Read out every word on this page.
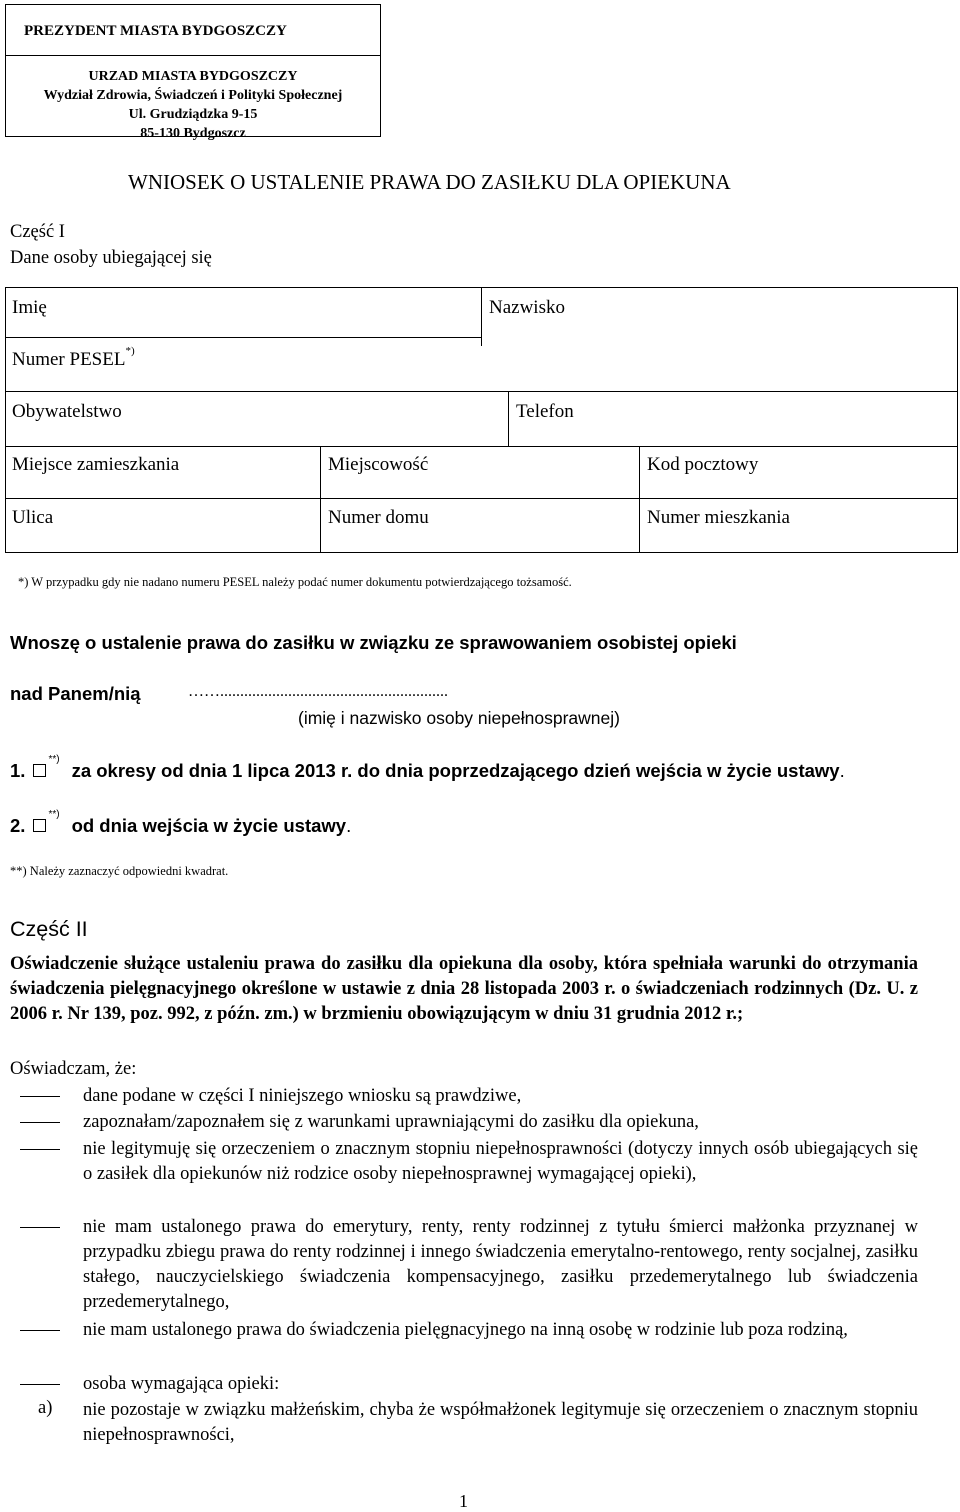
PREZYDENT MIASTA BYDGOSZCZY
URZAD MIASTA BYDGOSZCZY
Wydział Zdrowia, Świadczeń i Polityki Społecznej
Ul. Grudziądzka 9-15
85-130 Bydgoszcz
WNIOSEK O USTALENIE PRAWA DO ZASIŁKU DLA OPIEKUNA
Część I
Dane osoby ubiegającej się
Imię	Nazwisko
Numer PESEL*)
Obywatelstwo	Telefon
Miejsce zamieszkania	Miejscowość	Kod pocztowy
Ulica	Numer domu	Numer mieszkania
*) W przypadku gdy nie nadano numeru PESEL należy podać numer dokumentu potwierdzającego tożsamość.
Wnoszę o ustalenie prawa do zasiłku w związku ze sprawowaniem osobistej opieki
nad Panem/nią	…….........................................................
(imię i nazwisko osoby niepełnosprawnej)
1.**)za okresy od dnia 1 lipca 2013 r. do dnia poprzedzającego dzień wejścia w życie ustawy.
2.**)od dnia wejścia w życie ustawy.
**) Należy zaznaczyć odpowiedni kwadrat.
Część II
Oświadczenie służące ustaleniu prawa do zasiłku dla opiekuna dla osoby, która spełniała warunki do otrzymania świadczenia pielęgnacyjnego określone w ustawie z dnia 28 listopada 2003 r. o świadczeniach rodzinnych (Dz. U. z 2006 r. Nr 139, poz. 992, z późn. zm.) w brzmieniu obowiązującym w dniu 31 grudnia 2012 r.;
Oświadczam, że:
dane podane w części I niniejszego wniosku są prawdziwe,
zapoznałam/zapoznałem się z warunkami uprawniającymi do zasiłku dla opiekuna,
nie legitymuję się orzeczeniem o znacznym stopniu niepełnosprawności (dotyczy innych osób ubiegających się o zasiłek dla opiekunów niż rodzice osoby niepełnosprawnej wymagającej opieki),
nie mam ustalonego prawa do emerytury, renty, renty rodzinnej z tytułu śmierci małżonka przyznanej w przypadku zbiegu prawa do renty rodzinnej i innego świadczenia emerytalno-rentowego, renty socjalnej, zasiłku stałego, nauczycielskiego świadczenia kompensacyjnego, zasiłku przedemerytalnego lub świadczenia przedemerytalnego,
nie mam ustalonego prawa do świadczenia pielęgnacyjnego na inną osobę w rodzinie lub poza rodziną,
osoba wymagająca opieki:
a) nie pozostaje w związku małżeńskim, chyba że współmałżonek legitymuje się orzeczeniem o znacznym stopniu niepełnosprawności,
1
